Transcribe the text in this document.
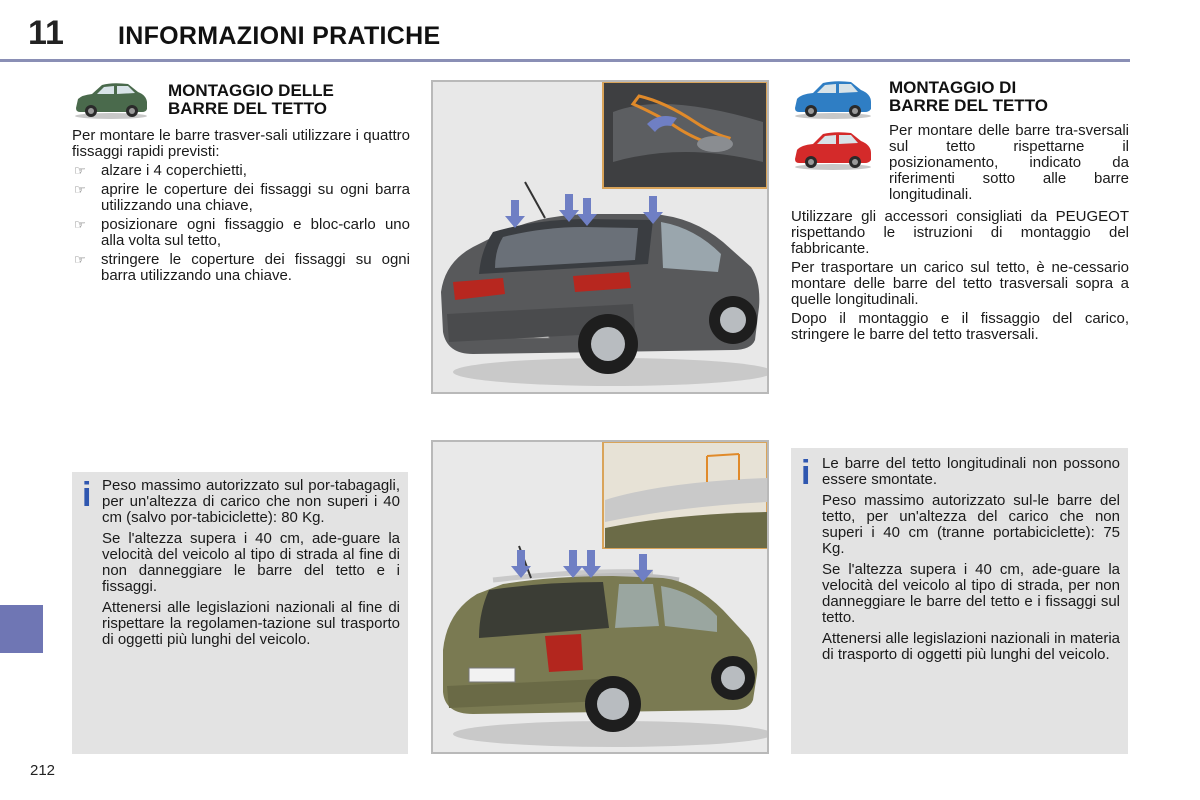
11 INFORMAZIONI PRATICHE
212
MONTAGGIO DELLE
BARRE DEL TETTO

Per montare le barre trasver-sali utilizzare i quattro fissaggi rapidi previsti:

☞ alzare i 4 coperchietti,
☞ aprire le coperture dei fissaggi su ogni barra utilizzando una chiave,
☞ posizionare ogni fissaggio e bloc-carlo uno alla volta sul tetto,
☞ stringere le coperture dei fissaggi su ogni barra utilizzando una chiave.

MONTAGGIO DI
BARRE DEL TETTO

Per montare delle barre tra-sversali sul tetto rispettarne il posizionamento, indicato da riferimenti sotto alle barre longitudinali.

Utilizzare gli accessori consigliati da PEUGEOT rispettando le istruzioni di montaggio del fabbricante.

Per trasportare un carico sul tetto, è ne-cessario montare delle barre del tetto trasversali sopra a quelle longitudinali.

Dopo il montaggio e il fissaggio del carico, stringere le barre del tetto trasversali.

i Peso massimo autorizzato sul por-tabagagli, per un'altezza di carico che non superi i 40 cm (salvo por-tabiciclette): 80 Kg.

Se l'altezza supera i 40 cm, ade-guare la velocità del veicolo al tipo di strada al fine di non danneggiare le barre del tetto e i fissaggi.

Attenersi alle legislazioni nazionali al fine di rispettare la regolamen-tazione sul trasporto di oggetti più lunghi del veicolo.

i Le barre del tetto longitudinali non possono essere smontate.

Peso massimo autorizzato sul-le barre del tetto, per un'altezza del carico che non superi i 40 cm (tranne portabiciclette): 75 Kg.

Se l'altezza supera i 40 cm, ade-guare la velocità del veicolo al tipo di strada, per non danneggiare le barre del tetto e i fissaggi sul tetto.

Attenersi alle legislazioni nazionali in materia di trasporto di oggetti più lunghi del veicolo.
